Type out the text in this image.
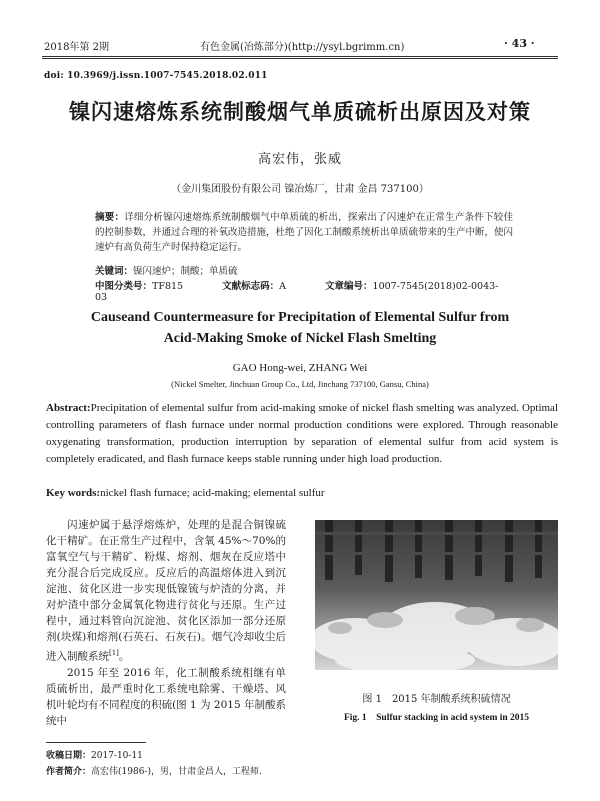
2018年第 2期	有色金属(冶炼部分)(http://ysyl.bgrimm.cn)	· 43 ·
doi: 10.3969/j.issn.1007-7545.2018.02.011
镍闪速熔炼系统制酸烟气单质硫析出原因及对策
高宏伟，张威
（金川集团股份有限公司 镍冶炼厂，甘肃 金昌 737100）
摘要：详细分析镍闪速熔炼系统制酸烟气中单质硫的析出，探索出了闪速炉在正常生产条件下较佳的控制参数，并通过合理的补氧改造措施，杜绝了因化工制酸系统析出单质硫带来的生产中断，使闪速炉有高负荷生产时保持稳定运行。
关键词：镍闪速炉；制酸；单质硫
中图分类号：TF815	文献标志码：A	文章编号：1007-7545(2018)02-0043-03
Causeand Countermeasure for Precipitation of Elemental Sulfur from
Acid-Making Smoke of Nickel Flash Smelting
GAO Hong-wei, ZHANG Wei
(Nickel Smelter, Jinchuan Group Co., Ltd, Jinchang 737100, Gansu, China)
Abstract:Precipitation of elemental sulfur from acid-making smoke of nickel flash smelting was analyzed. Optimal controlling parameters of flash furnace under normal production conditions were explored. Through reasonable oxygenating transformation, production interruption by separation of elemental sulfur from acid system is completely eradicated, and flash furnace keeps stable running under high load production.
Key words:nickel flash furnace; acid-making; elemental sulfur

闪速炉属于悬浮熔炼炉，处理的是混合铜镍硫化干精矿。在正常生产过程中，含氧 45%～70%的富氧空气与干精矿、粉煤、熔剂、烟灰在反应塔中充分混合后完成反应。反应后的高温熔体进入到沉淀池、贫化区进一步实现低镍锍与炉渣的分离，并对炉渣中部分金属氧化物进行贫化与还原。生产过程中，通过料管向沉淀池、贫化区添加一部分还原剂(块煤)和熔剂(石英石、石灰石)。烟气冷却收尘后进入制酸系统[1]。

2015 年至 2016 年，化工制酸系统相继有单质硫析出，最严重时化工系统电除雾、干燥塔、风机叶轮均有不同程度的积硫(图 1 为 2015 年制酸系统中

图 1　2015 年制酸系统积硫情况
Fig. 1　Sulfur stacking in acid system in 2015
收稿日期：2017-10-11
作者简介：高宏伟(1986-)，男，甘肃金昌人，工程师．
